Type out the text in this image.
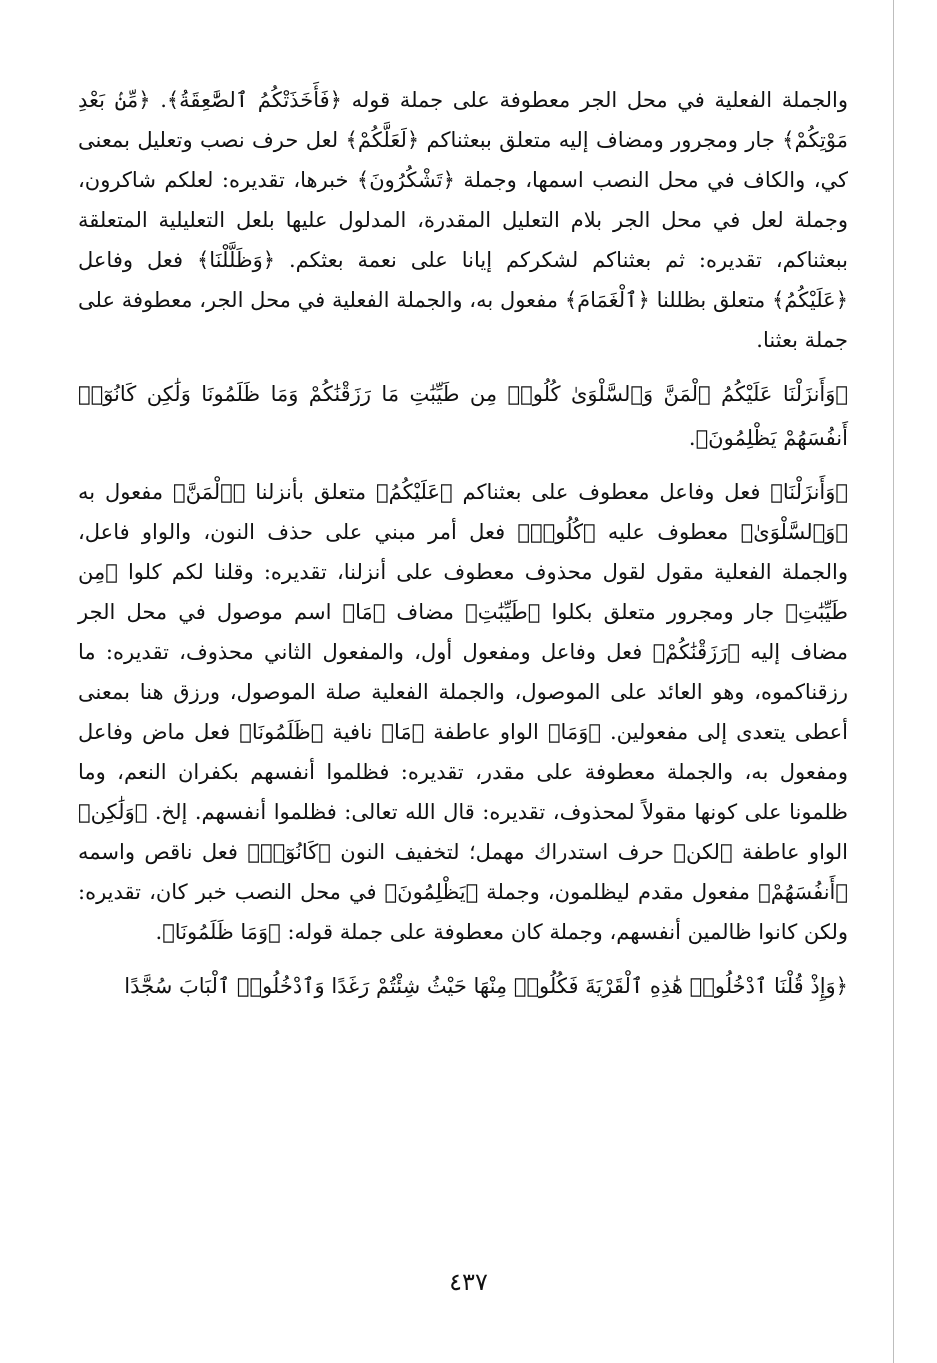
والجملة الفعلية في محل الجر معطوفة على جملة قوله ﴿فَأَخَذَتْكُمُ ٱلصَّٰعِقَةُ﴾. ﴿مِّنۢ بَعْدِ مَوْتِكُمْ﴾ جار ومجرور ومضاف إليه متعلق ببعثناكم ﴿لَعَلَّكُمْ﴾ لعل حرف نصب وتعليل بمعنى كي، والكاف في محل النصب اسمها، وجملة ﴿تَشْكُرُونَ﴾ خبرها، تقديره: لعلكم شاكرون، وجملة لعل في محل الجر بلام التعليل المقدرة، المدلول عليها بلعل التعليلية المتعلقة ببعثناكم، تقديره: ثم بعثناكم لشكركم إيانا على نعمة بعثكم. ﴿وَظَلَّلْنَا﴾ فعل وفاعل ﴿عَلَيْكُمُ﴾ متعلق بظللنا ﴿ٱلْغَمَامَ﴾ مفعول به، والجملة الفعلية في محل الجر، معطوفة على جملة بعثنا.

﴿وَأَنزَلْنَا عَلَيْكُمُ ٱلْمَنَّ وَٱلسَّلْوَىٰ كُلُوا۟ مِن طَيِّبَٰتِ مَا رَزَقْنَٰكُمْ وَمَا ظَلَمُونَا وَلَٰكِن كَانُوٓا۟ أَنفُسَهُمْ يَظْلِمُونَ﴾.

﴿وَأَنزَلْنَا﴾ فعل وفاعل معطوف على بعثناكم ﴿عَلَيْكُمُ﴾ متعلق بأنزلنا ﴿ٱلْمَنَّ﴾ مفعول به ﴿وَٱلسَّلْوَىٰ﴾ معطوف عليه ﴿كُلُوا۟﴾ فعل أمر مبني على حذف النون، والواو فاعل، والجملة الفعلية مقول لقول محذوف معطوف على أنزلنا، تقديره: وقلنا لكم كلوا ﴿مِن طَيِّبَٰتِ﴾ جار ومجرور متعلق بكلوا ﴿طَيِّبَٰتِ﴾ مضاف ﴿مَا﴾ اسم موصول في محل الجر مضاف إليه ﴿رَزَقْنَٰكُمْ﴾ فعل وفاعل ومفعول أول، والمفعول الثاني محذوف، تقديره: ما رزقناكموه، وهو العائد على الموصول، والجملة الفعلية صلة الموصول، ورزق هنا بمعنى أعطى يتعدى إلى مفعولين. ﴿وَمَا﴾ الواو عاطفة ﴿مَا﴾ نافية ﴿ظَلَمُونَا﴾ فعل ماض وفاعل ومفعول به، والجملة معطوفة على مقدر، تقديره: فظلموا أنفسهم بكفران النعم، وما ظلمونا على كونها مقولاً لمحذوف، تقديره: قال الله تعالى: فظلموا أنفسهم. إلخ. ﴿وَلَٰكِن﴾ الواو عاطفة ﴿لكن﴾ حرف استدراك مهمل؛ لتخفيف النون ﴿كَانُوٓا۟﴾ فعل ناقص واسمه ﴿أَنفُسَهُمْ﴾ مفعول مقدم ليظلمون، وجملة ﴿يَظْلِمُونَ﴾ في محل النصب خبر كان، تقديره: ولكن كانوا ظالمين أنفسهم، وجملة كان معطوفة على جملة قوله: ﴿وَمَا ظَلَمُونَا﴾.

﴿وَإِذْ قُلْنَا ٱدْخُلُوا۟ هَٰذِهِ ٱلْقَرْيَةَ فَكُلُوا۟ مِنْهَا حَيْثُ شِئْتُمْ رَغَدًا وَٱدْخُلُوا۟ ٱلْبَابَ سُجَّدًا

٤٣٧
